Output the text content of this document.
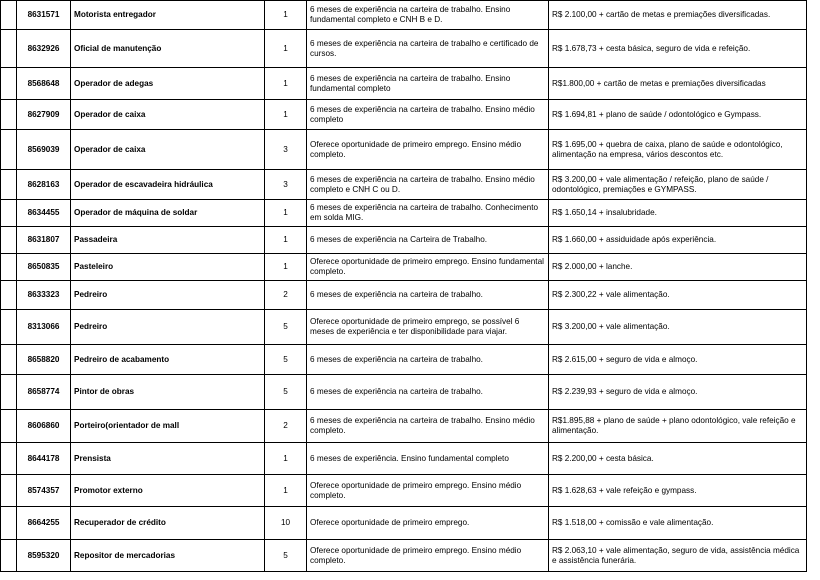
	8631571	Motorista entregador	1	6 meses de experiência na carteira de trabalho. Ensino fundamental completo e CNH B e D.	R$ 2.100,00 + cartão de metas e premiações diversificadas.
	8632926	Oficial de manutenção	1	6 meses de experiência na carteira de trabalho e certificado de cursos.	R$ 1.678,73 + cesta básica, seguro de vida e refeição.
	8568648	Operador de adegas	1	6 meses de experiência na carteira de trabalho. Ensino fundamental completo	R$1.800,00 + cartão de metas e premiações diversificadas
	8627909	Operador de caixa	1	6 meses de experiência na carteira de trabalho. Ensino médio completo	R$ 1.694,81 + plano de saúde / odontológico e Gympass.
	8569039	Operador de caixa	3	Oferece oportunidade de primeiro emprego. Ensino médio completo.	R$ 1.695,00 + quebra de caixa, plano de saúde e odontológico, alimentação na empresa, vários descontos etc.
	8628163	Operador de escavadeira hidráulica	3	6 meses de experiência na carteira de trabalho. Ensino médio completo e CNH C ou D.	R$ 3.200,00 + vale alimentação / refeição, plano de saúde / odontológico, premiações e GYMPASS.
	8634455	Operador de máquina de soldar	1	6 meses de experiência na carteira de trabalho. Conhecimento em solda MIG.	R$ 1.650,14 + insalubridade.
	8631807	Passadeira	1	6 meses de experiência na Carteira de Trabalho.	R$ 1.660,00 + assiduidade após experiência.
	8650835	Pasteleiro	1	Oferece oportunidade de primeiro emprego. Ensino fundamental completo.	R$ 2.000,00 + lanche.
	8633323	Pedreiro	2	6 meses de experiência na carteira de trabalho.	R$ 2.300,22 + vale alimentação.
	8313066	Pedreiro	5	Oferece oportunidade de primeiro emprego, se possível 6 meses de experiência e ter disponibilidade para viajar.	R$ 3.200,00 + vale alimentação.
	8658820	Pedreiro de acabamento	5	6 meses de experiência na carteira de trabalho.	R$ 2.615,00 + seguro de vida e almoço.
	8658774	Pintor de obras	5	6 meses de experiência na carteira de trabalho.	R$ 2.239,93 + seguro de vida e almoço.
	8606860	Porteiro(orientador de mall	2	6 meses de experiência na carteira de trabalho. Ensino médio completo.	R$1.895,88 + plano de saúde + plano odontológico, vale refeição e alimentação.
	8644178	Prensista	1	6 meses de experiência. Ensino fundamental completo	R$ 2.200,00 + cesta básica.
	8574357	Promotor externo	1	Oferece oportunidade de primeiro emprego. Ensino médio completo.	R$ 1.628,63 + vale refeição e gympass.
	8664255	Recuperador de crédito	10	Oferece oportunidade de primeiro emprego.	R$ 1.518,00 + comissão e vale alimentação.
	8595320	Repositor de mercadorias	5	Oferece oportunidade de primeiro emprego. Ensino médio completo.	R$ 2.063,10 + vale alimentação, seguro de vida, assistência médica e assistência funerária.
